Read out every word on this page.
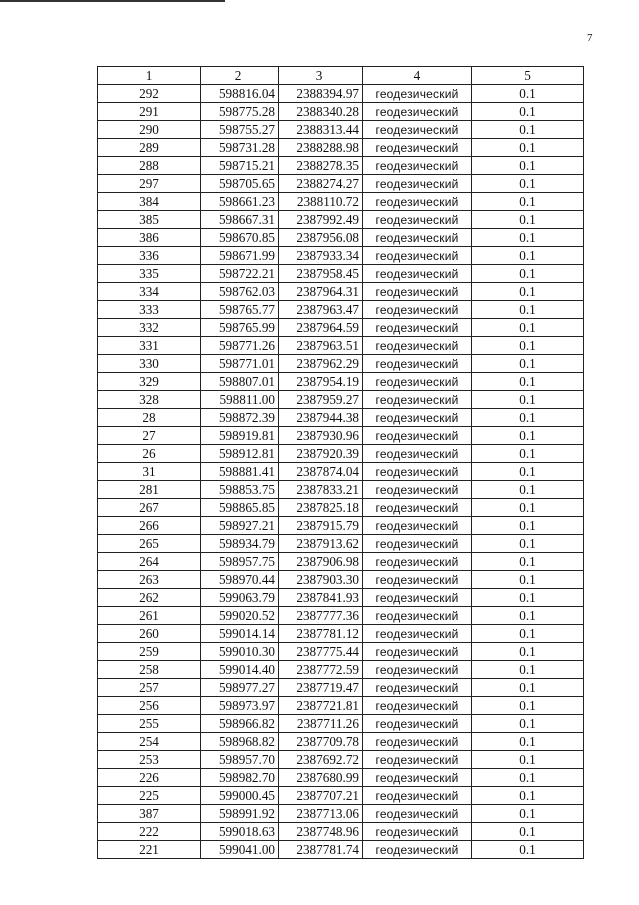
7
1	2	3	4	5
292	598816.04	2388394.97	геодезический	0.1
291	598775.28	2388340.28	геодезический	0.1
290	598755.27	2388313.44	геодезический	0.1
289	598731.28	2388288.98	геодезический	0.1
288	598715.21	2388278.35	геодезический	0.1
297	598705.65	2388274.27	геодезический	0.1
384	598661.23	2388110.72	геодезический	0.1
385	598667.31	2387992.49	геодезический	0.1
386	598670.85	2387956.08	геодезический	0.1
336	598671.99	2387933.34	геодезический	0.1
335	598722.21	2387958.45	геодезический	0.1
334	598762.03	2387964.31	геодезический	0.1
333	598765.77	2387963.47	геодезический	0.1
332	598765.99	2387964.59	геодезический	0.1
331	598771.26	2387963.51	геодезический	0.1
330	598771.01	2387962.29	геодезический	0.1
329	598807.01	2387954.19	геодезический	0.1
328	598811.00	2387959.27	геодезический	0.1
28	598872.39	2387944.38	геодезический	0.1
27	598919.81	2387930.96	геодезический	0.1
26	598912.81	2387920.39	геодезический	0.1
31	598881.41	2387874.04	геодезический	0.1
281	598853.75	2387833.21	геодезический	0.1
267	598865.85	2387825.18	геодезический	0.1
266	598927.21	2387915.79	геодезический	0.1
265	598934.79	2387913.62	геодезический	0.1
264	598957.75	2387906.98	геодезический	0.1
263	598970.44	2387903.30	геодезический	0.1
262	599063.79	2387841.93	геодезический	0.1
261	599020.52	2387777.36	геодезический	0.1
260	599014.14	2387781.12	геодезический	0.1
259	599010.30	2387775.44	геодезический	0.1
258	599014.40	2387772.59	геодезический	0.1
257	598977.27	2387719.47	геодезический	0.1
256	598973.97	2387721.81	геодезический	0.1
255	598966.82	2387711.26	геодезический	0.1
254	598968.82	2387709.78	геодезический	0.1
253	598957.70	2387692.72	геодезический	0.1
226	598982.70	2387680.99	геодезический	0.1
225	599000.45	2387707.21	геодезический	0.1
387	598991.92	2387713.06	геодезический	0.1
222	599018.63	2387748.96	геодезический	0.1
221	599041.00	2387781.74	геодезический	0.1
